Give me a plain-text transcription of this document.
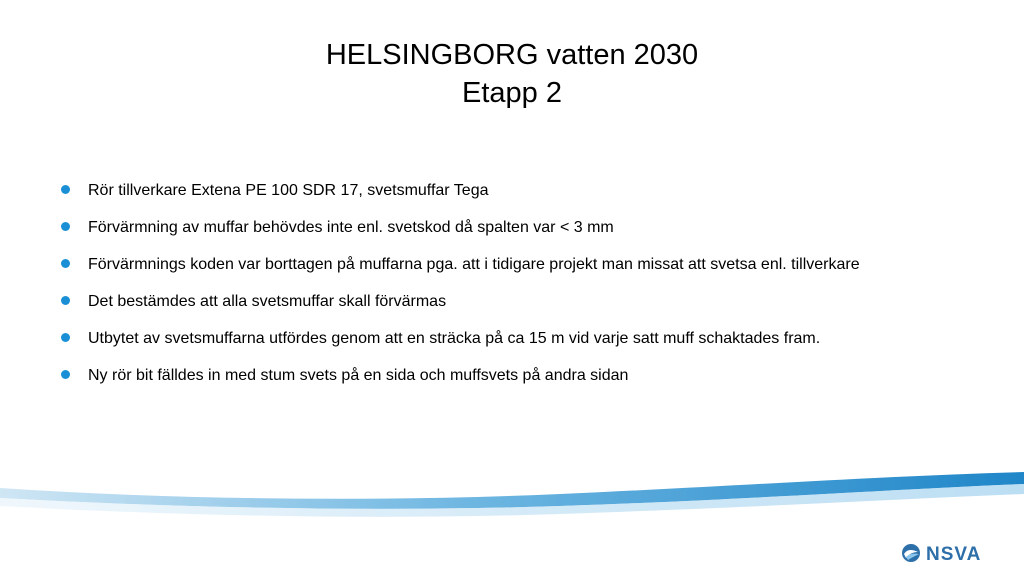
HELSINGBORG vatten 2030
Etapp 2
Rör tillverkare Extena PE 100 SDR 17, svetsmuffar Tega
Förvärmning av muffar behövdes inte enl. svetskod då spalten var < 3 mm
Förvärmnings koden var borttagen på muffarna pga. att i tidigare projekt man missat att svetsa enl. tillverkare
Det bestämdes att alla svetsmuffar skall förvärmas
Utbytet av svetsmuffarna utfördes genom att en sträcka på ca 15 m vid varje satt muff schaktades fram.
Ny rör bit fälldes in med stum svets på en sida och muffsvets på andra sidan
NSVA
